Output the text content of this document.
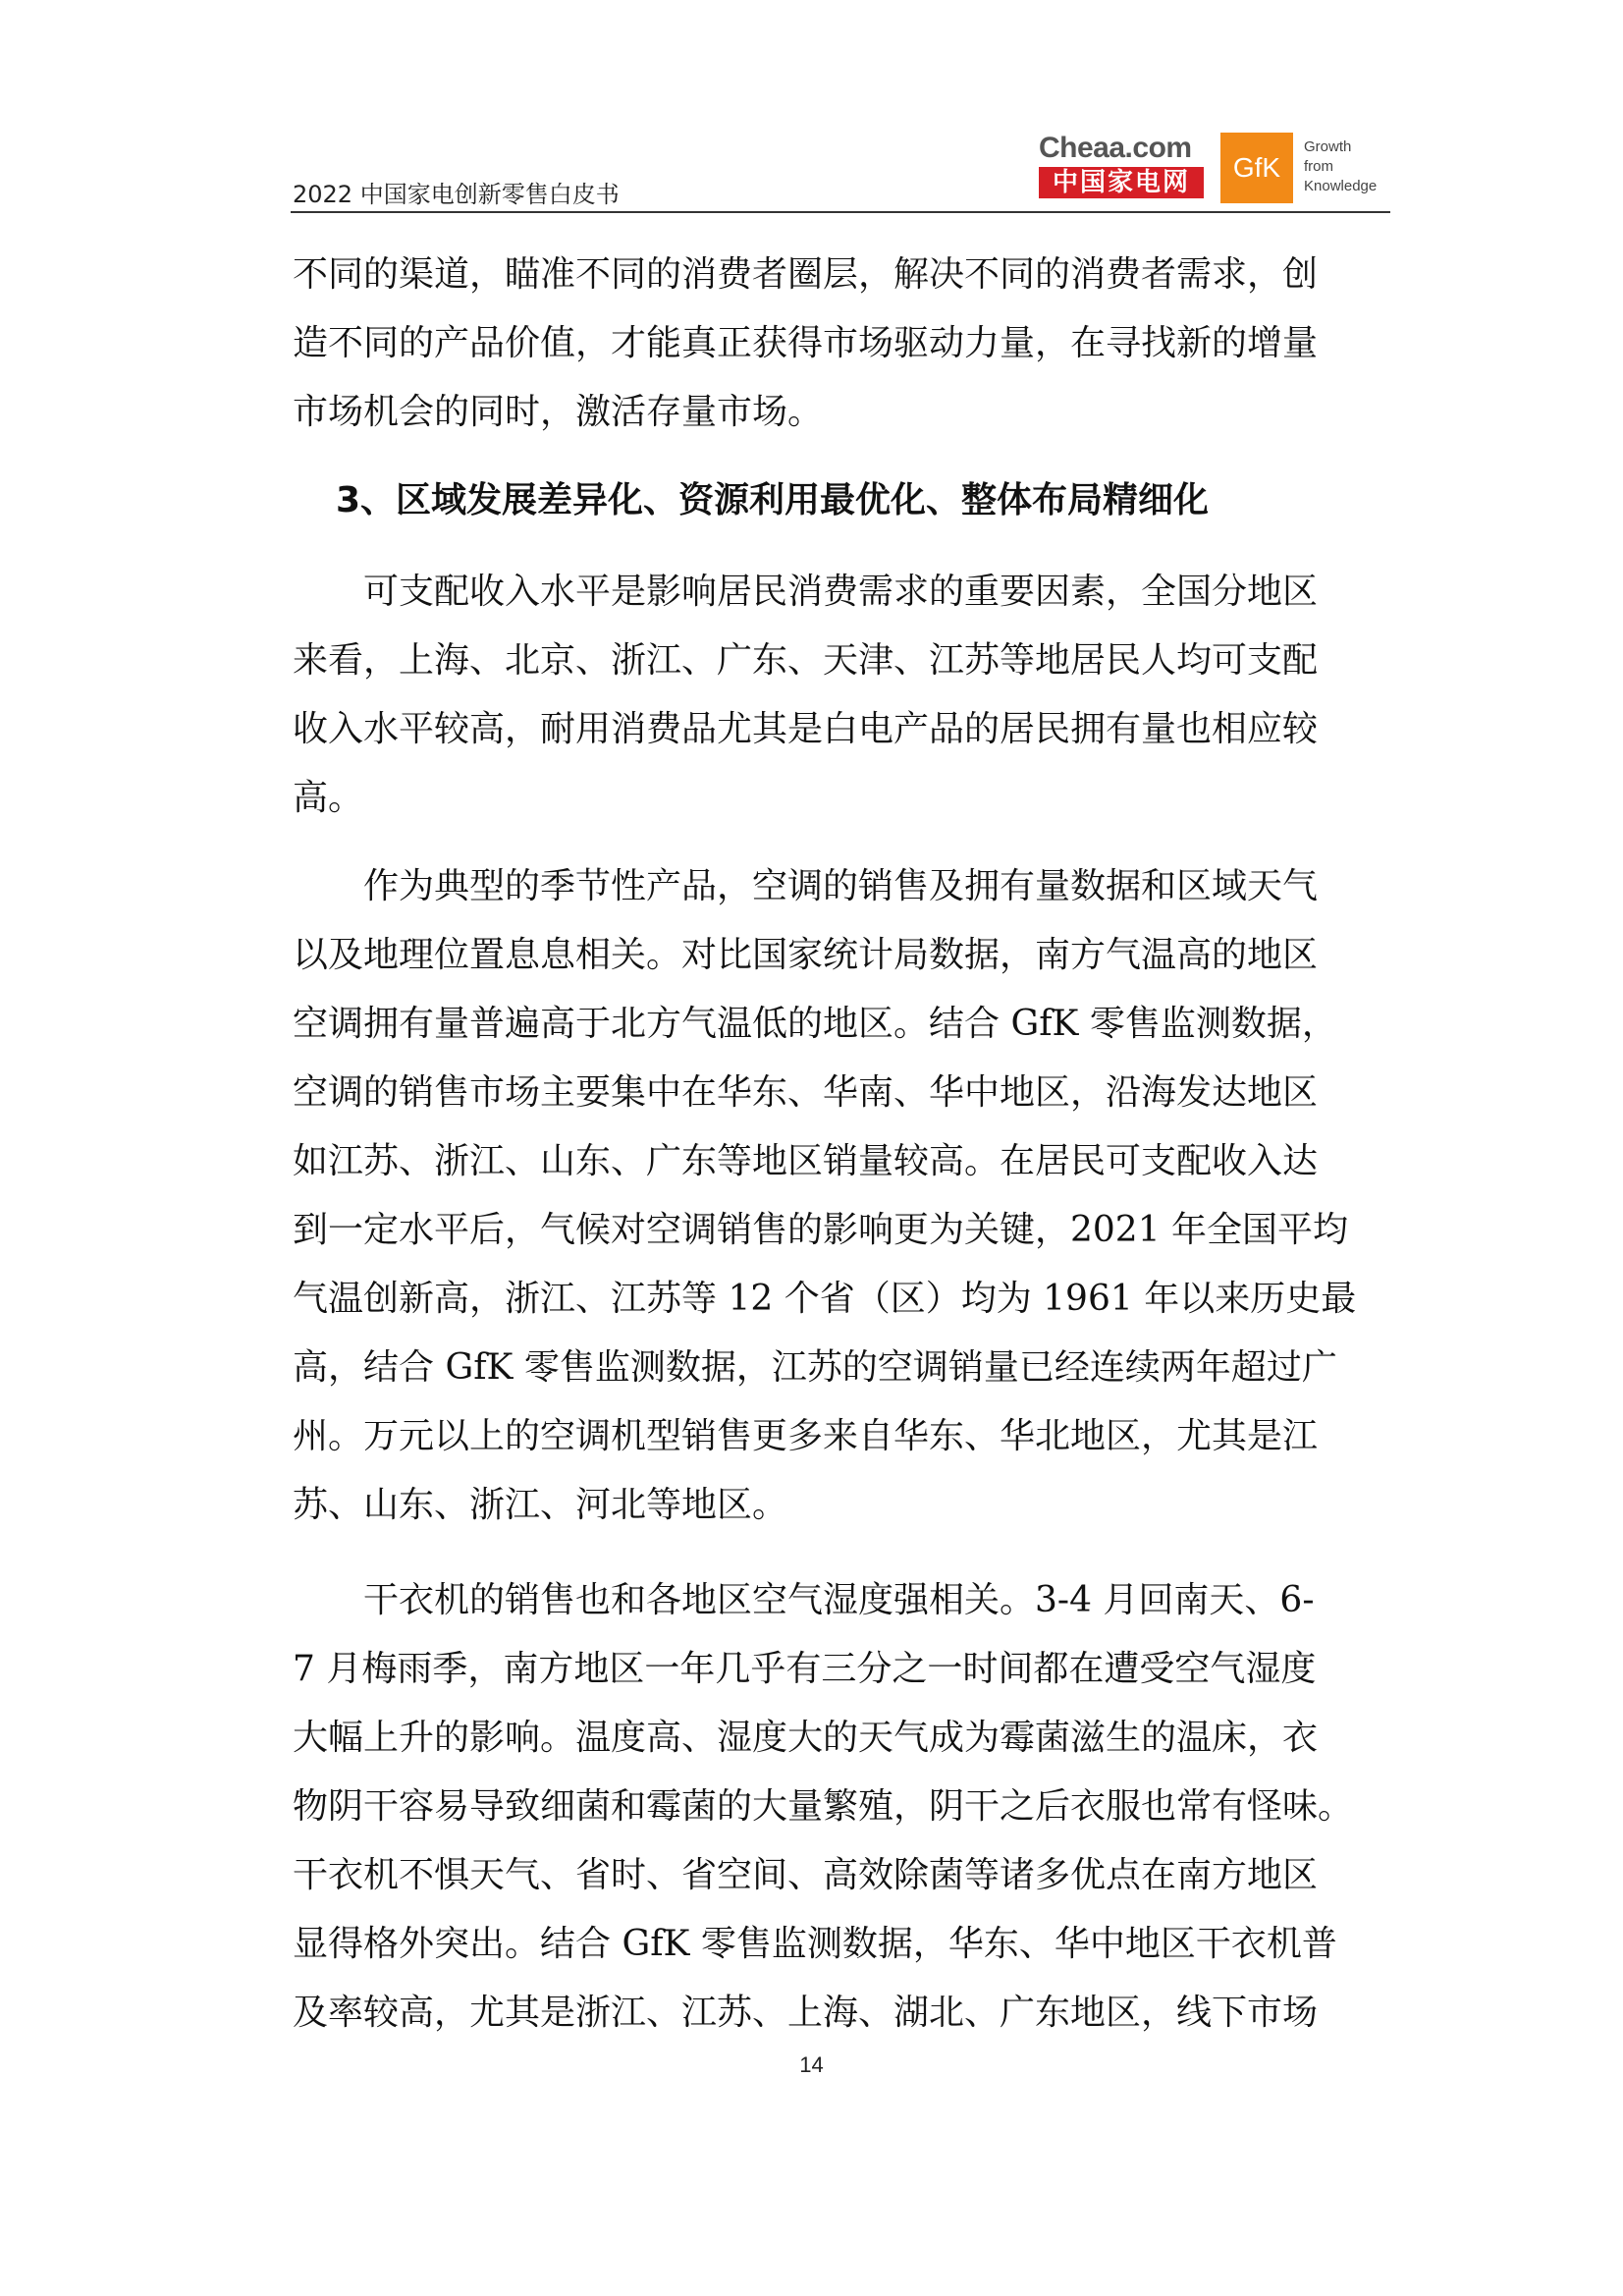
2022 中国家电创新零售白皮书
Cheaa.com
中国家电网	GfK
Growth
from
Knowledge
不同的渠道，瞄准不同的消费者圈层，解决不同的消费者需求，创
造不同的产品价值，才能真正获得市场驱动力量，在寻找新的增量
市场机会的同时，激活存量市场。
3、区域发展差异化、资源利用最优化、整体布局精细化
可支配收入水平是影响居民消费需求的重要因素，全国分地区
来看，上海、北京、浙江、广东、天津、江苏等地居民人均可支配
收入水平较高，耐用消费品尤其是白电产品的居民拥有量也相应较
高。
作为典型的季节性产品，空调的销售及拥有量数据和区域天气
以及地理位置息息相关。对比国家统计局数据，南方气温高的地区
空调拥有量普遍高于北方气温低的地区。结合 GfK 零售监测数据，
空调的销售市场主要集中在华东、华南、华中地区，沿海发达地区
如江苏、浙江、山东、广东等地区销量较高。在居民可支配收入达
到一定水平后，气候对空调销售的影响更为关键，2021 年全国平均
气温创新高，浙江、江苏等 12 个省（区）均为 1961 年以来历史最
高，结合 GfK 零售监测数据，江苏的空调销量已经连续两年超过广
州。万元以上的空调机型销售更多来自华东、华北地区，尤其是江
苏、山东、浙江、河北等地区。
干衣机的销售也和各地区空气湿度强相关。3-4 月回南天、6-
7 月梅雨季，南方地区一年几乎有三分之一时间都在遭受空气湿度
大幅上升的影响。温度高、湿度大的天气成为霉菌滋生的温床，衣
物阴干容易导致细菌和霉菌的大量繁殖，阴干之后衣服也常有怪味。
干衣机不惧天气、省时、省空间、高效除菌等诸多优点在南方地区
显得格外突出。结合 GfK 零售监测数据，华东、华中地区干衣机普
及率较高，尤其是浙江、江苏、上海、湖北、广东地区，线下市场
14
